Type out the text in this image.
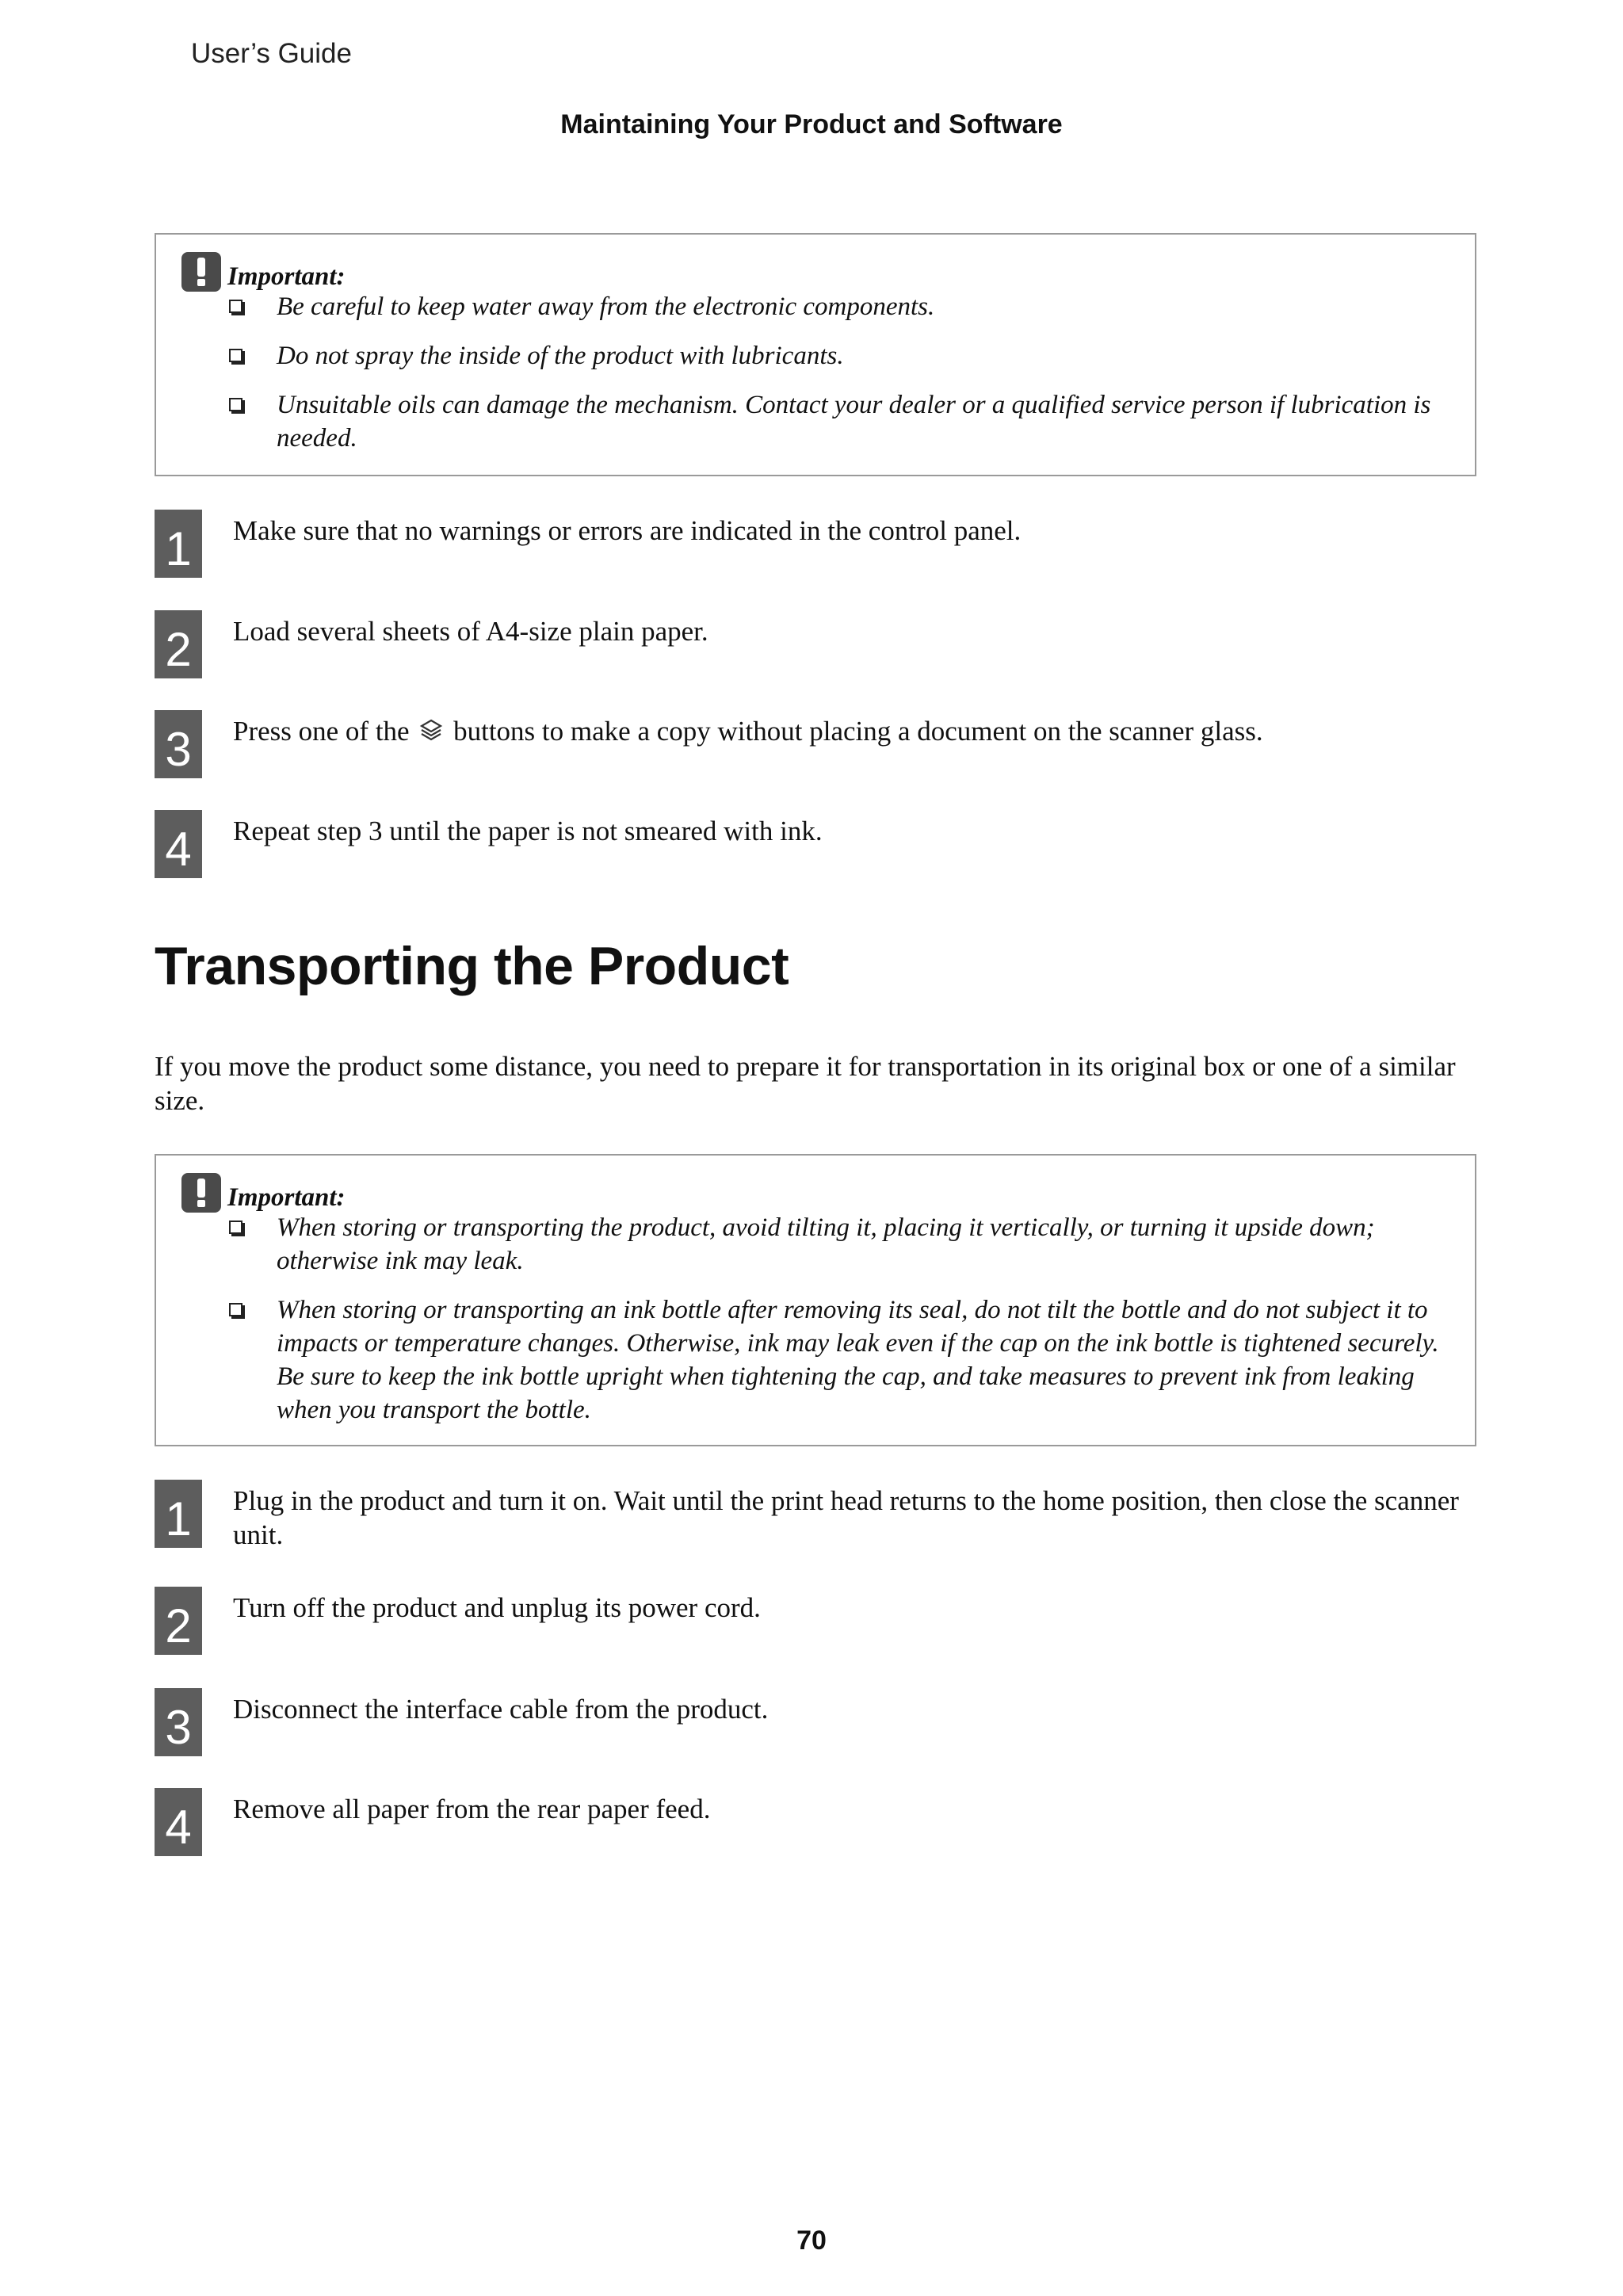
User’s Guide
Maintaining Your Product and Software
Important:
Be careful to keep water away from the electronic components.
Do not spray the inside of the product with lubricants.
Unsuitable oils can damage the mechanism. Contact your dealer or a qualified service person if lubrication is needed.
1	Make sure that no warnings or errors are indicated in the control panel.
2	Load several sheets of A4-size plain paper.
3	Press one of the buttons to make a copy without placing a document on the scanner glass.
4	Repeat step 3 until the paper is not smeared with ink.
Transporting the Product
If you move the product some distance, you need to prepare it for transportation in its original box or one of a similar size.
Important:
When storing or transporting the product, avoid tilting it, placing it vertically, or turning it upside down; otherwise ink may leak.
When storing or transporting an ink bottle after removing its seal, do not tilt the bottle and do not subject it to impacts or temperature changes. Otherwise, ink may leak even if the cap on the ink bottle is tightened securely. Be sure to keep the ink bottle upright when tightening the cap, and take measures to prevent ink from leaking when you transport the bottle.
1	Plug in the product and turn it on. Wait until the print head returns to the home position, then close the scanner unit.
2	Turn off the product and unplug its power cord.
3	Disconnect the interface cable from the product.
4	Remove all paper from the rear paper feed.
70
